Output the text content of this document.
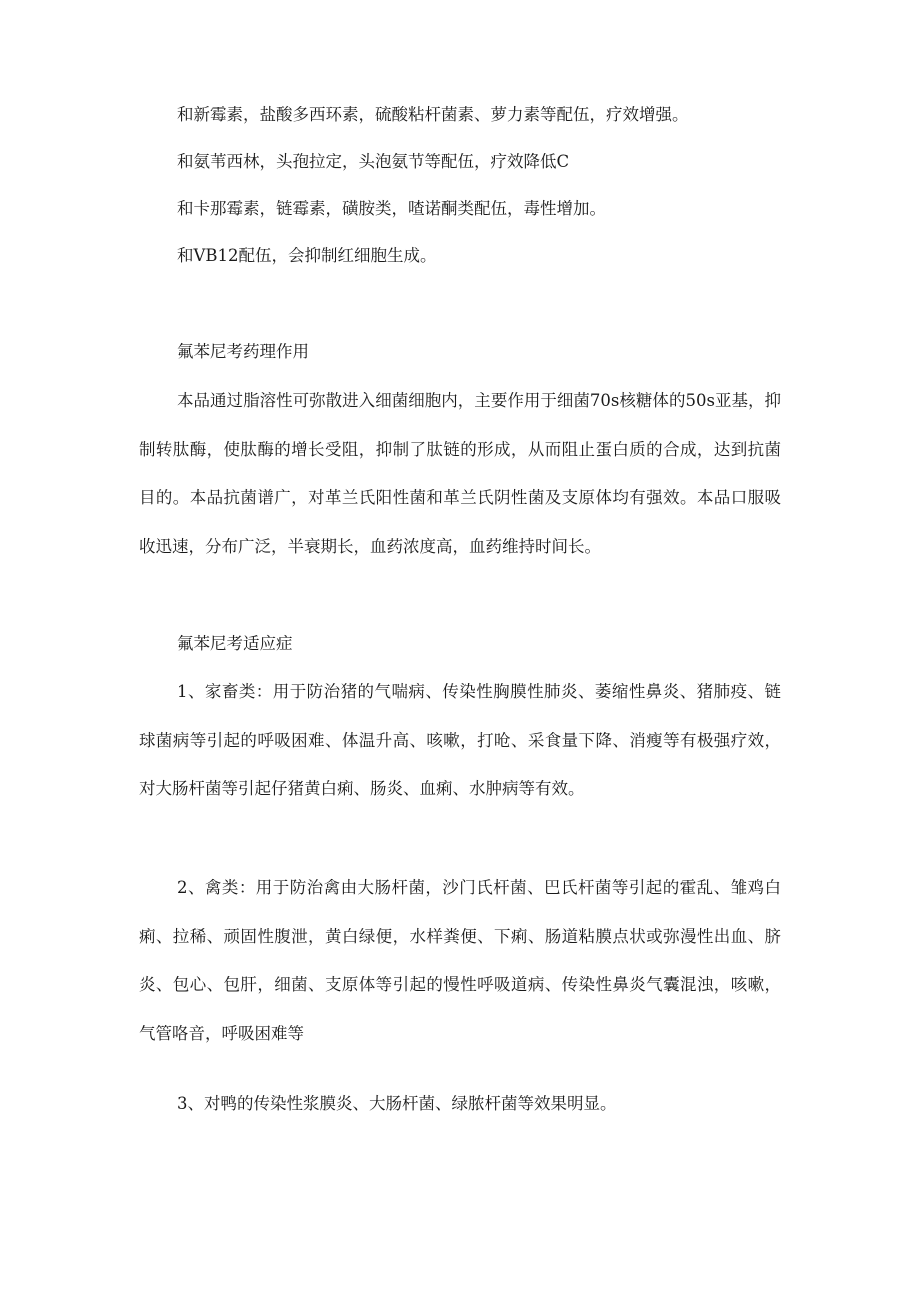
和新霉素，盐酸多西环素，硫酸粘杆菌素、萝力素等配伍，疗效增强。

和氨苇西林，头孢拉定，头泡氨节等配伍，疗效降低C

和卡那霉素，链霉素，磺胺类，喳诺酮类配伍，毒性增加。

和VB12配伍，会抑制红细胞生成。

氟苯尼考药理作用

本品通过脂溶性可弥散进入细菌细胞内，主要作用于细菌70s核糖体的50s亚基，抑制转肽酶，使肽酶的增长受阻，抑制了肽链的形成，从而阻止蛋白质的合成，达到抗菌目的。本品抗菌谱广，对革兰氏阳性菌和革兰氏阴性菌及支原体均有强效。本品口服吸收迅速，分布广泛，半衰期长，血药浓度高，血药维持时间长。

氟苯尼考适应症

1、家畜类：用于防治猪的气喘病、传染性胸膜性肺炎、萎缩性鼻炎、猪肺疫、链球菌病等引起的呼吸困难、体温升高、咳嗽，打呛、采食量下降、消瘦等有极强疗效，对大肠杆菌等引起仔猪黄白痢、肠炎、血痢、水肿病等有效。

2、禽类：用于防治禽由大肠杆菌，沙门氏杆菌、巴氏杆菌等引起的霍乱、雏鸡白痢、拉稀、顽固性腹泄，黄白绿便，水样粪便、下痢、肠道粘膜点状或弥漫性出血、脐炎、包心、包肝，细菌、支原体等引起的慢性呼吸道病、传染性鼻炎气囊混浊，咳嗽，气管咯音，呼吸困难等

3、对鸭的传染性浆膜炎、大肠杆菌、绿脓杆菌等效果明显。
